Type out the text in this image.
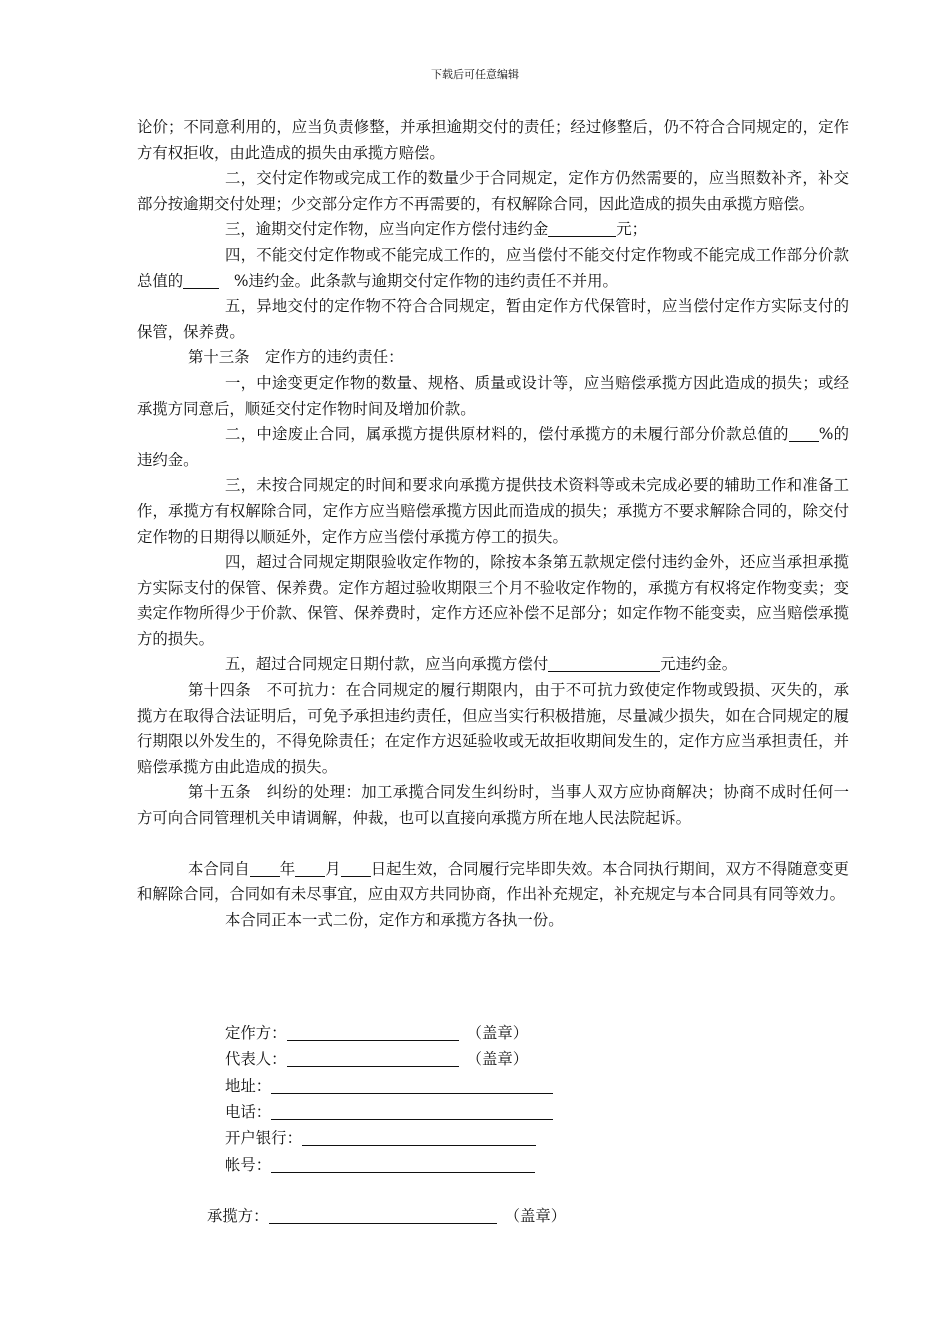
下载后可任意编辑

论价；不同意利用的，应当负责修整，并承担逾期交付的责任；经过修整后，仍不符合合同规定的，定作方有权拒收，由此造成的损失由承揽方赔偿。

二，交付定作物或完成工作的数量少于合同规定，定作方仍然需要的，应当照数补齐，补交部分按逾期交付处理；少交部分定作方不再需要的，有权解除合同，因此造成的损失由承揽方赔偿。

三，逾期交付定作物，应当向定作方偿付违约金	元；

四，不能交付定作物或不能完成工作的，应当偿付不能交付定作物或不能完成工作部分价款总值的	%违约金。此条款与逾期交付定作物的违约责任不并用。

五，异地交付的定作物不符合合同规定，暂由定作方代保管时，应当偿付定作方实际支付的保管，保养费。

第十三条　定作方的违约责任：

一，中途变更定作物的数量、规格、质量或设计等，应当赔偿承揽方因此造成的损失；或经承揽方同意后，顺延交付定作物时间及增加价款。

二，中途废止合同，属承揽方提供原材料的，偿付承揽方的未履行部分价款总值的 %的违约金。

三，未按合同规定的时间和要求向承揽方提供技术资料等或未完成必要的辅助工作和准备工作，承揽方有权解除合同，定作方应当赔偿承揽方因此而造成的损失；承揽方不要求解除合同的，除交付定作物的日期得以顺延外，定作方应当偿付承揽方停工的损失。

四，超过合同规定期限验收定作物的，除按本条第五款规定偿付违约金外，还应当承担承揽方实际支付的保管、保养费。定作方超过验收期限三个月不验收定作物的，承揽方有权将定作物变卖；变卖定作物所得少于价款、保管、保养费时，定作方还应补偿不足部分；如定作物不能变卖，应当赔偿承揽方的损失。

五，超过合同规定日期付款，应当向承揽方偿付	元违约金。

第十四条　不可抗力：在合同规定的履行期限内，由于不可抗力致使定作物或毁损、灭失的，承揽方在取得合法证明后，可免予承担违约责任，但应当实行积极措施，尽量减少损失，如在合同规定的履行期限以外发生的，不得免除责任；在定作方迟延验收或无故拒收期间发生的，定作方应当承担责任，并赔偿承揽方由此造成的损失。

第十五条　纠纷的处理：加工承揽合同发生纠纷时，当事人双方应协商解决；协商不成时任何一方可向合同管理机关申请调解，仲裁，也可以直接向承揽方所在地人民法院起诉。

本合同自 年 月 日起生效，合同履行完毕即失效。本合同执行期间，双方不得随意变更和解除合同，合同如有未尽事宜，应由双方共同协商，作出补充规定，补充规定与本合同具有同等效力。

本合同正本一式二份，定作方和承揽方各执一份。

定作方：	（盖章）
代表人：	（盖章）
地址：
电话：
开户银行：
帐号：
承揽方：	（盖章）
